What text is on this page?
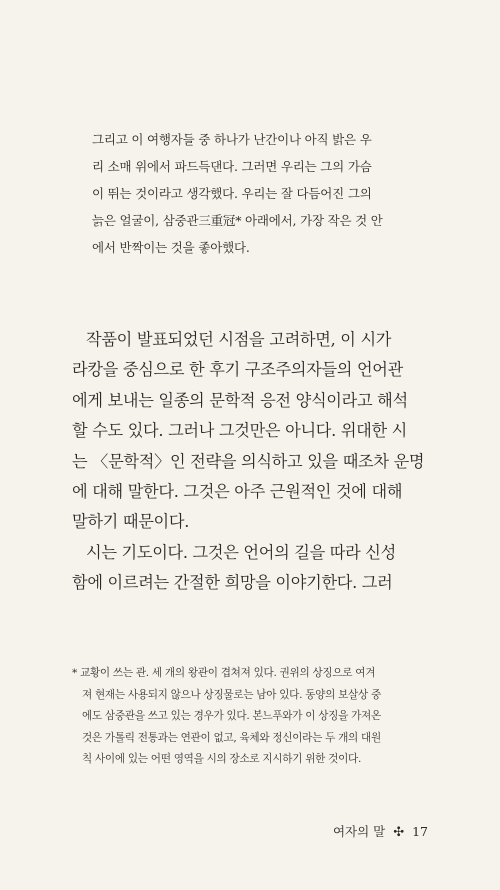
그리고 이 여행자들 중 하나가 난간이나 아직 밝은 우
리 소매 위에서 파드득댄다. 그러면 우리는 그의 가슴
이 뛰는 것이라고 생각했다. 우리는 잘 다듬어진 그의
늙은 얼굴이, 삼중관三重冠* 아래에서, 가장 작은 것 안
에서 반짝이는 것을 좋아했다.
작품이 발표되었던 시점을 고려하면, 이 시가
라캉을 중심으로 한 후기 구조주의자들의 언어관
에게 보내는 일종의 문학적 응전 양식이라고 해석
할 수도 있다. 그러나 그것만은 아니다. 위대한 시
는 〈문학적〉인 전략을 의식하고 있을 때조차 운명
에 대해 말한다. 그것은 아주 근원적인 것에 대해
말하기 때문이다.
시는 기도이다. 그것은 언어의 길을 따라 신성
함에 이르려는 간절한 희망을 이야기한다. 그러
* 교황이 쓰는 관. 세 개의 왕관이 겹쳐져 있다. 권위의 상징으로 여겨
져 현재는 사용되지 않으나 상징물로는 남아 있다. 동양의 보살상 중
에도 삼중관을 쓰고 있는 경우가 있다. 본느푸와가 이 상징을 가져온
것은 가톨릭 전통과는 연관이 없고, 육체와 정신이라는 두 개의 대원
칙 사이에 있는 어떤 영역을 시의 장소로 지시하기 위한 것이다.
여자의 말 ✣ 17
